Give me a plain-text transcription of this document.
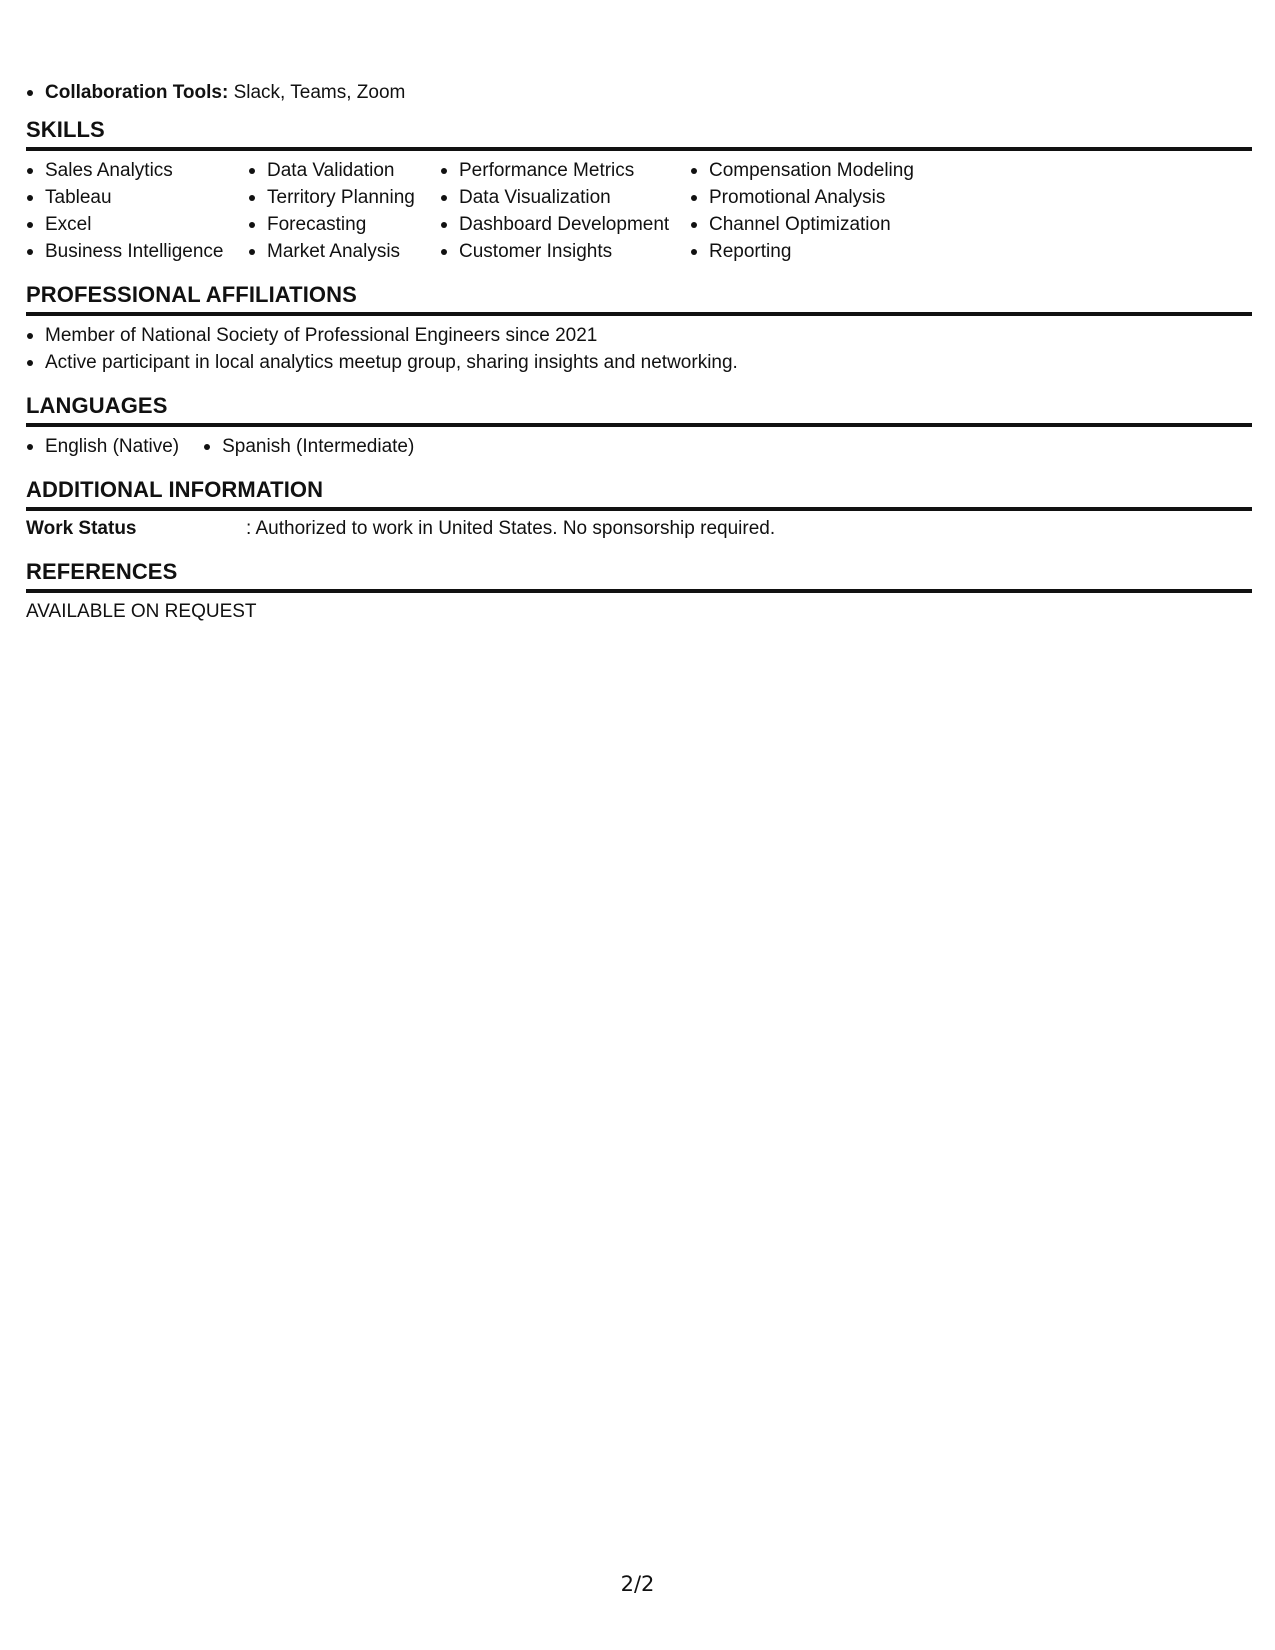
Collaboration Tools: Slack, Teams, Zoom
SKILLS
Sales Analytics
Tableau
Excel
Business Intelligence
Data Validation
Territory Planning
Forecasting
Market Analysis
Performance Metrics
Data Visualization
Dashboard Development
Customer Insights
Compensation Modeling
Promotional Analysis
Channel Optimization
Reporting
PROFESSIONAL AFFILIATIONS
Member of National Society of Professional Engineers since 2021
Active participant in local analytics meetup group, sharing insights and networking.
LANGUAGES
English (Native)	Spanish (Intermediate)
ADDITIONAL INFORMATION
Work Status	: Authorized to work in United States. No sponsorship required.
REFERENCES
AVAILABLE ON REQUEST
2/2
